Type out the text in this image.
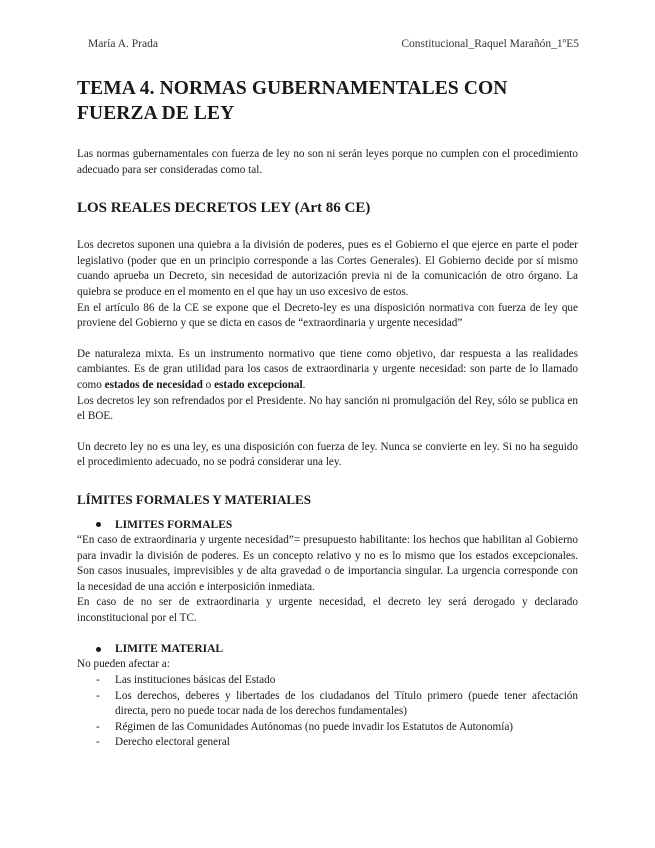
María A. Prada	Constitucional_Raquel Marañón_1ºE5
TEMA 4. NORMAS GUBERNAMENTALES CON FUERZA DE LEY

Las normas gubernamentales con fuerza de ley no son ni serán leyes porque no cumplen con el procedimiento adecuado para ser consideradas como tal.

LOS REALES DECRETOS LEY (Art 86 CE)

Los decretos suponen una quiebra a la división de poderes, pues es el Gobierno el que ejerce en parte el poder legislativo (poder que en un principio corresponde a las Cortes Generales). El Gobierno decide por sí mismo cuando aprueba un Decreto, sin necesidad de autorización previa ni de la comunicación de otro órgano. La quiebra se produce en el momento en el que hay un uso excesivo de estos.

En el artículo 86 de la CE se expone que el Decreto-ley es una disposición normativa con fuerza de ley que proviene del Gobierno y que se dicta en casos de “extraordinaria y urgente necesidad”

De naturaleza mixta. Es un instrumento normativo que tiene como objetivo, dar respuesta a las realidades cambiantes. Es de gran utilidad para los casos de extraordinaria y urgente necesidad: son parte de lo llamado como estados de necesidad o estado excepcional.

Los decretos ley son refrendados por el Presidente. No hay sanción ni promulgación del Rey, sólo se publica en el BOE.

Un decreto ley no es una ley, es una disposición con fuerza de ley. Nunca se convierte en ley. Si no ha seguido el procedimiento adecuado, no se podrá considerar una ley.

LÍMITES FORMALES Y MATERIALES
LIMITES FORMALES

“En caso de extraordinaria y urgente necesidad”= presupuesto habilitante: los hechos que habilitan al Gobierno para invadir la división de poderes. Es un concepto relativo y no es lo mismo que los estados excepcionales. Son casos inusuales, imprevisibles y de alta gravedad o de importancia singular. La urgencia corresponde con la necesidad de una acción e interposición inmediata.

En caso de no ser de extraordinaria y urgente necesidad, el decreto ley será derogado y declarado inconstitucional por el TC.

LIMITE MATERIAL

No pueden afectar a:

- Las instituciones básicas del Estado
- Los derechos, deberes y libertades de los ciudadanos del Título primero (puede tener afectación directa, pero no puede tocar nada de los derechos fundamentales)
- Régimen de las Comunidades Autónomas (no puede invadir los Estatutos de Autonomía)
- Derecho electoral general
